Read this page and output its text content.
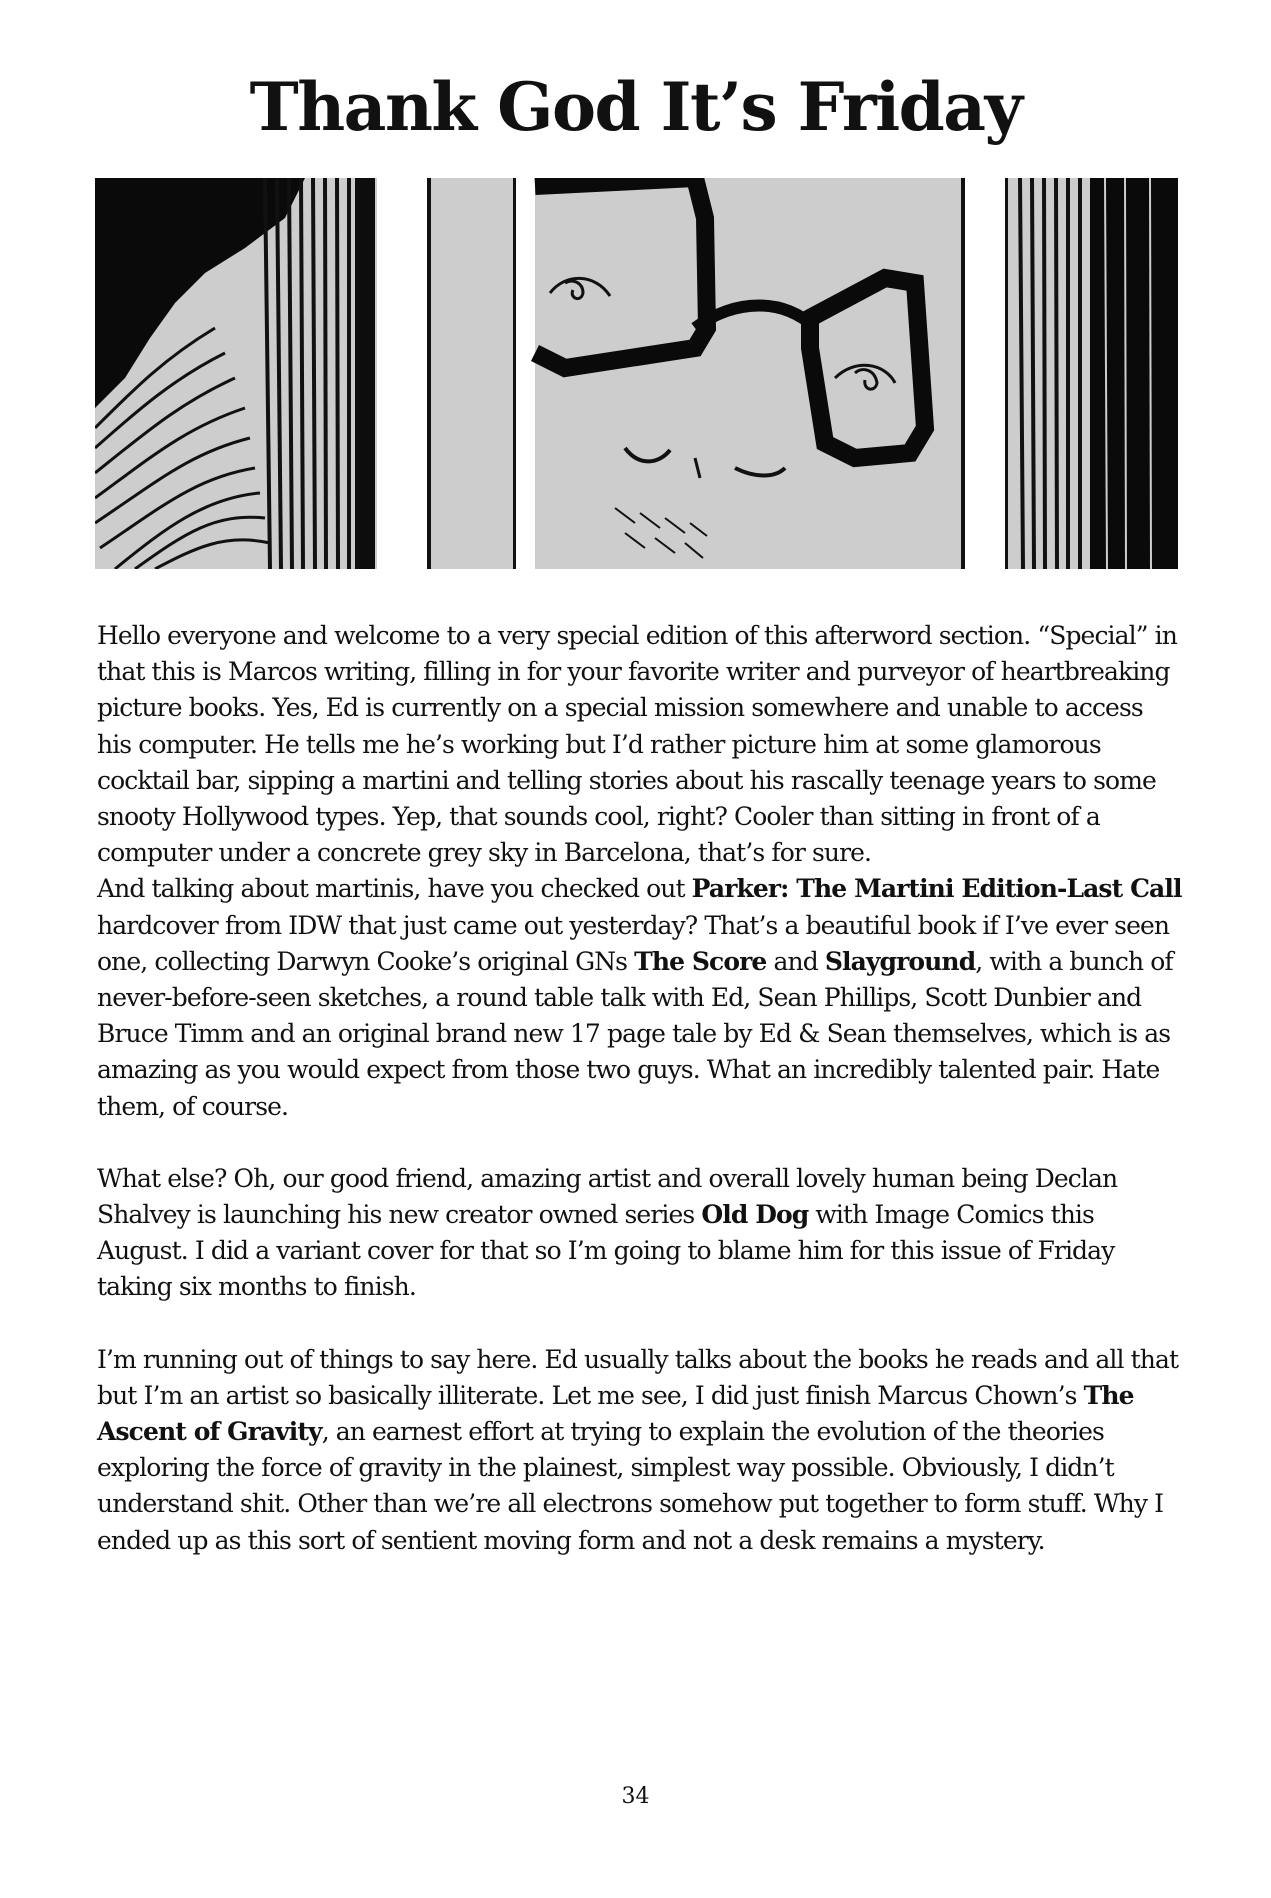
Thank God It’s Friday

Hello everyone and welcome to a very special edition of this afterword section. “Special” in that this is Marcos writing, filling in for your favorite writer and purveyor of heartbreaking picture books. Yes, Ed is currently on a special mission somewhere and unable to access his computer. He tells me he’s working but I’d rather picture him at some glamorous cocktail bar, sipping a martini and telling stories about his rascally teenage years to some snooty Hollywood types. Yep, that sounds cool, right? Cooler than sitting in front of a computer under a concrete grey sky in Barcelona, that’s for sure.

And talking about martinis, have you checked out Parker: The Martini Edition-Last Call hardcover from IDW that just came out yesterday? That’s a beautiful book if I’ve ever seen one, collecting Darwyn Cooke’s original GNs The Score and Slayground, with a bunch of never-before-seen sketches, a round table talk with Ed, Sean Phillips, Scott Dunbier and Bruce Timm and an original brand new 17 page tale by Ed & Sean themselves, which is as amazing as you would expect from those two guys. What an incredibly talented pair. Hate them, of course.

What else? Oh, our good friend, amazing artist and overall lovely human being Declan Shalvey is launching his new creator owned series Old Dog with Image Comics this August. I did a variant cover for that so I’m going to blame him for this issue of Friday taking six months to finish.

I’m running out of things to say here. Ed usually talks about the books he reads and all that but I’m an artist so basically illiterate. Let me see, I did just finish Marcus Chown’s The Ascent of Gravity, an earnest effort at trying to explain the evolution of the theories exploring the force of gravity in the plainest, simplest way possible. Obviously, I didn’t understand shit. Other than we’re all electrons somehow put together to form stuff. Why I ended up as this sort of sentient moving form and not a desk remains a mystery.

34
